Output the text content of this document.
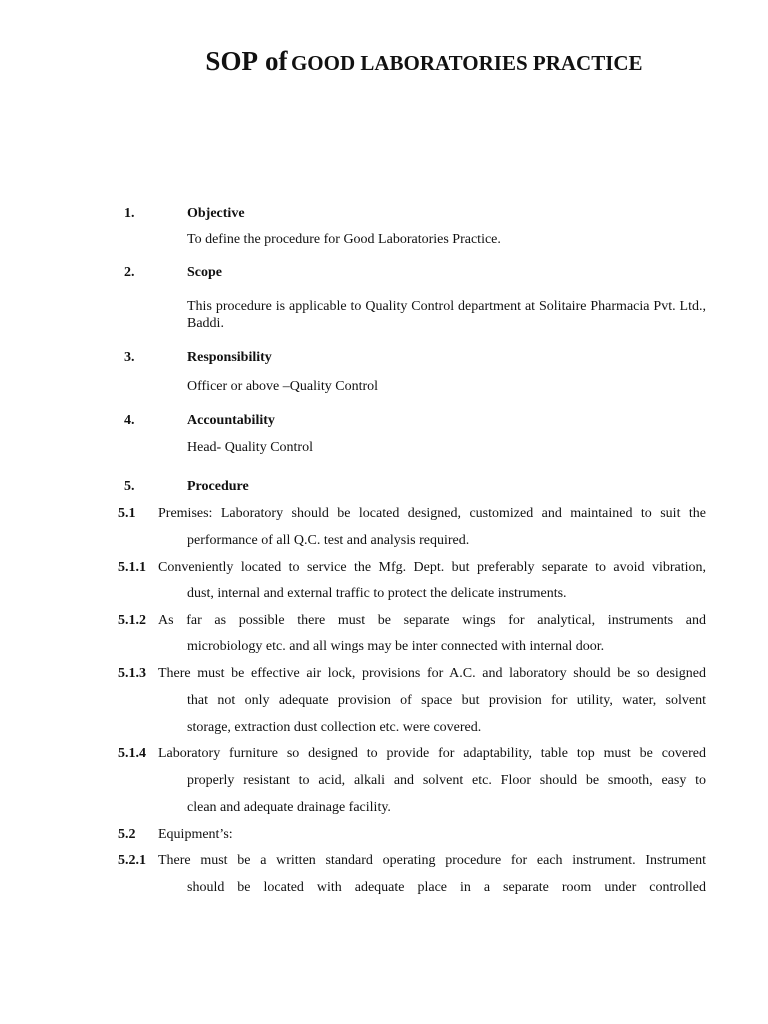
SOP of GOOD LABORATORIES PRACTICE
1.	Objective
To define the procedure for Good Laboratories Practice.
2.	Scope
This procedure is applicable to Quality Control department at Solitaire Pharmacia Pvt. Ltd., Baddi.
3.	Responsibility
Officer or above –Quality Control
4.	Accountability
Head- Quality Control
5.	Procedure
5.1 Premises: Laboratory should be located designed, customized and maintained to suit the
performance of all Q.C. test and analysis required.
5.1.1 Conveniently located to service the Mfg. Dept. but preferably separate to avoid vibration,
dust, internal and external traffic to protect the delicate instruments.
5.1.2 As far as possible there must be separate wings for analytical, instruments and
microbiology etc. and all wings may be inter connected with internal door.
5.1.3 There must be effective air lock, provisions for A.C. and laboratory should be so designed
that not only adequate provision of space but provision for utility, water, solvent
storage, extraction dust collection etc. were covered.
5.1.4 Laboratory furniture so designed to provide for adaptability, table top must be covered
properly resistant to acid, alkali and solvent etc. Floor should be smooth, easy to
clean and adequate drainage facility.
5.2 Equipment’s:
5.2.1 There must be a written standard operating procedure for each instrument. Instrument
should be located with adequate place in a separate room under controlled
